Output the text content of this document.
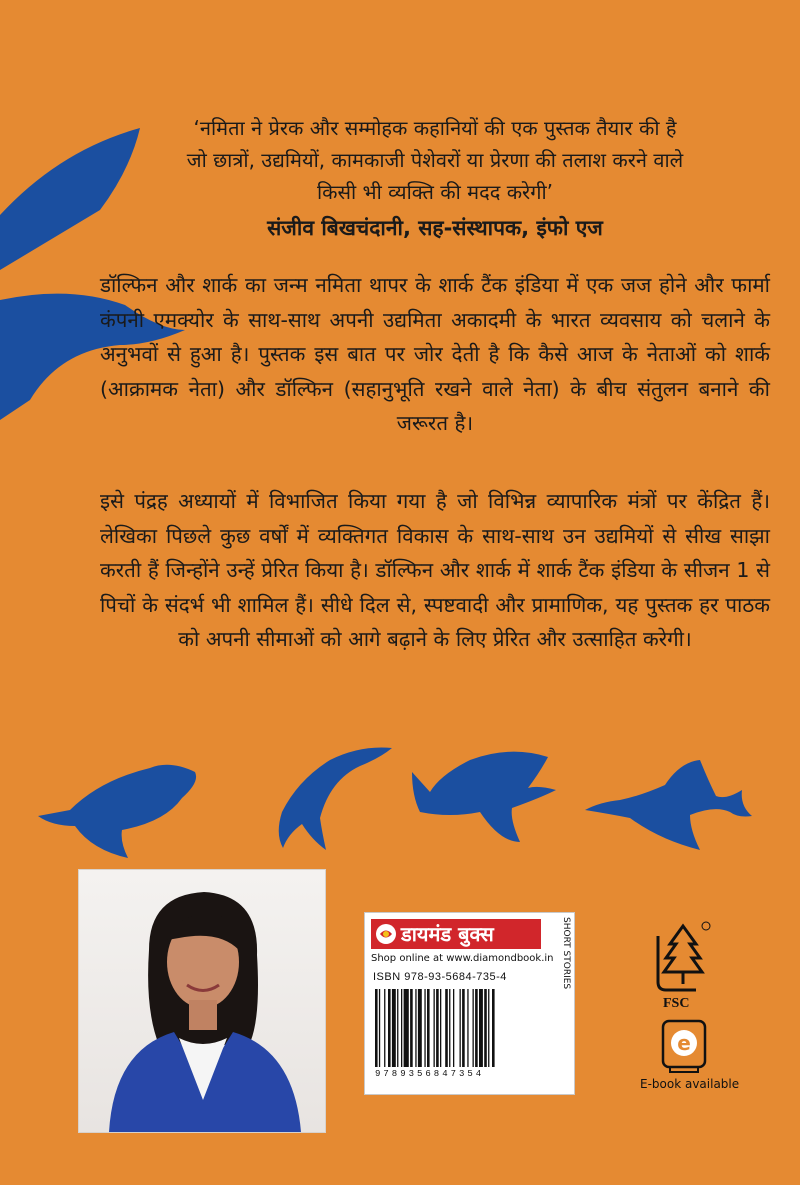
‘नमिता ने प्रेरक और सम्मोहक कहानियों की एक पुस्तक तैयार की है
जो छात्रों, उद्यमियों, कामकाजी पेशेवरों या प्रेरणा की तलाश करने वाले
किसी भी व्यक्ति की मदद करेगी’
संजीव बिखचंदानी, सह-संस्थापक, इंफो एज
डॉल्फिन और शार्क का जन्म नमिता थापर के शार्क टैंक इंडिया में एक जज होने और फार्मा कंपनी एमक्योर के साथ-साथ अपनी उद्यमिता अकादमी के भारत व्यवसाय को चलाने के अनुभवों से हुआ है। पुस्तक इस बात पर जोर देती है कि कैसे आज के नेताओं को शार्क (आक्रामक नेता) और डॉल्फिन (सहानुभूति रखने वाले नेता) के बीच संतुलन बनाने की जरूरत है।
इसे पंद्रह अध्यायों में विभाजित किया गया है जो विभिन्न व्यापारिक मंत्रों पर केंद्रित हैं। लेखिका पिछले कुछ वर्षों में व्यक्तिगत विकास के साथ-साथ उन उद्यमियों से सीख साझा करती हैं जिन्होंने उन्हें प्रेरित किया है। डॉल्फिन और शार्क में शार्क टैंक इंडिया के सीजन 1 से पिचों के संदर्भ भी शामिल हैं। सीधे दिल से, स्पष्टवादी और प्रामाणिक, यह पुस्तक हर पाठक को अपनी सीमाओं को आगे बढ़ाने के लिए प्रेरित और उत्साहित करेगी।
डायमंड बुक्स
Shop online at www.diamondbook.in
ISBN 978-93-5684-735-4
9789356847354
SHORT STORIES
FSC
e
E-book available
